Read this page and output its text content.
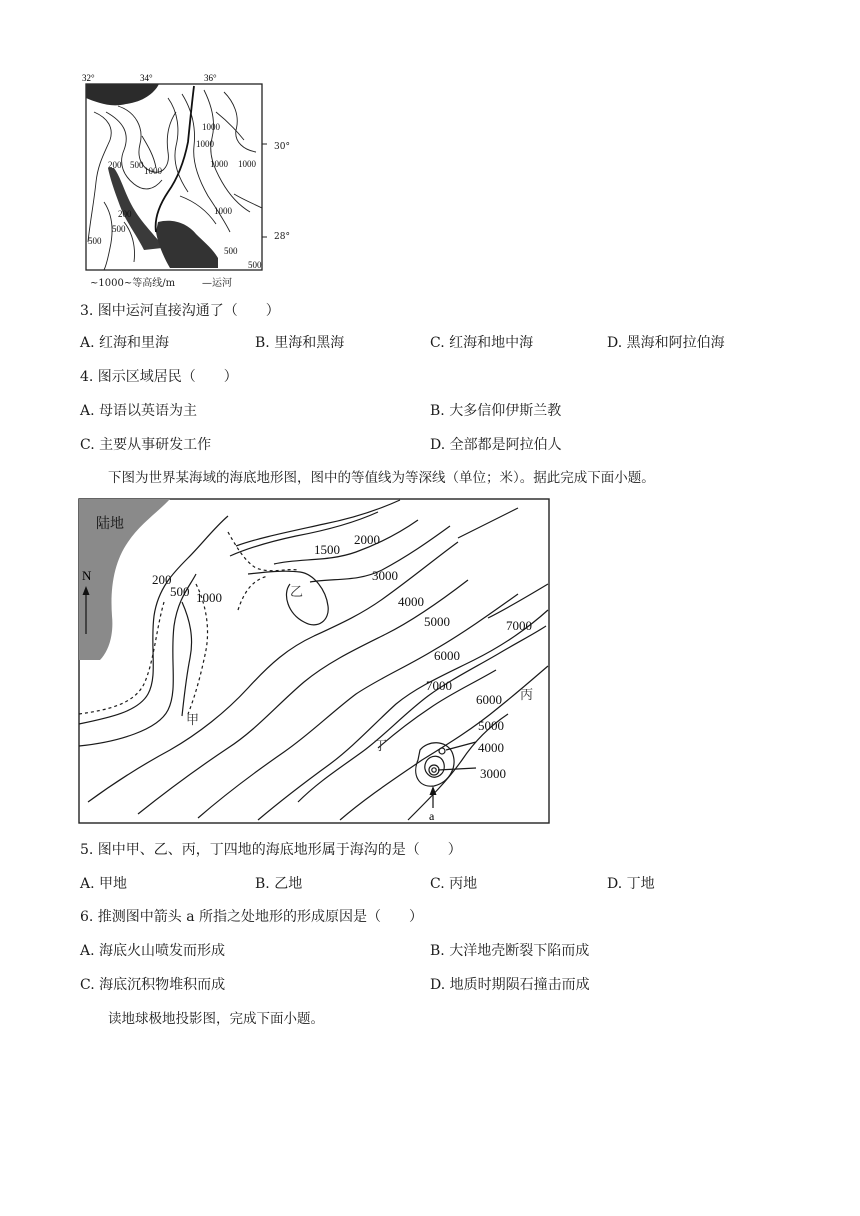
32°	34°	36°
1000
1000
1000 1000
1000
1000
500
500
500
500
500
200
200
30°
28°
~1000~等高线/m	—运河
3. 图中运河直接沟通了（　　）
A. 红海和里海	B. 里海和黑海	C. 红海和地中海	D. 黑海和阿拉伯海
4. 图示区域居民（　　）
A. 母语以英语为主	B. 大多信仰伊斯兰教
C. 主要从事研发工作	D. 全部都是阿拉伯人
下图为世界某海域的海底地形图，图中的等值线为等深线（单位；米）。据此完成下面小题。
陆地
N
a
200
500 1000
1500
2000
3000
4000
5000
6000
7000
7000
6000
5000
4000
3000
甲
乙
丙
丁
5. 图中甲、乙、丙，丁四地的海底地形属于海沟的是（　　）
A. 甲地	B. 乙地	C. 丙地	D. 丁地
6. 推测图中箭头 a 所指之处地形的形成原因是（　　）
A. 海底火山喷发而形成	B. 大洋地壳断裂下陷而成
C. 海底沉积物堆积而成	D. 地质时期陨石撞击而成
读地球极地投影图，完成下面小题。
